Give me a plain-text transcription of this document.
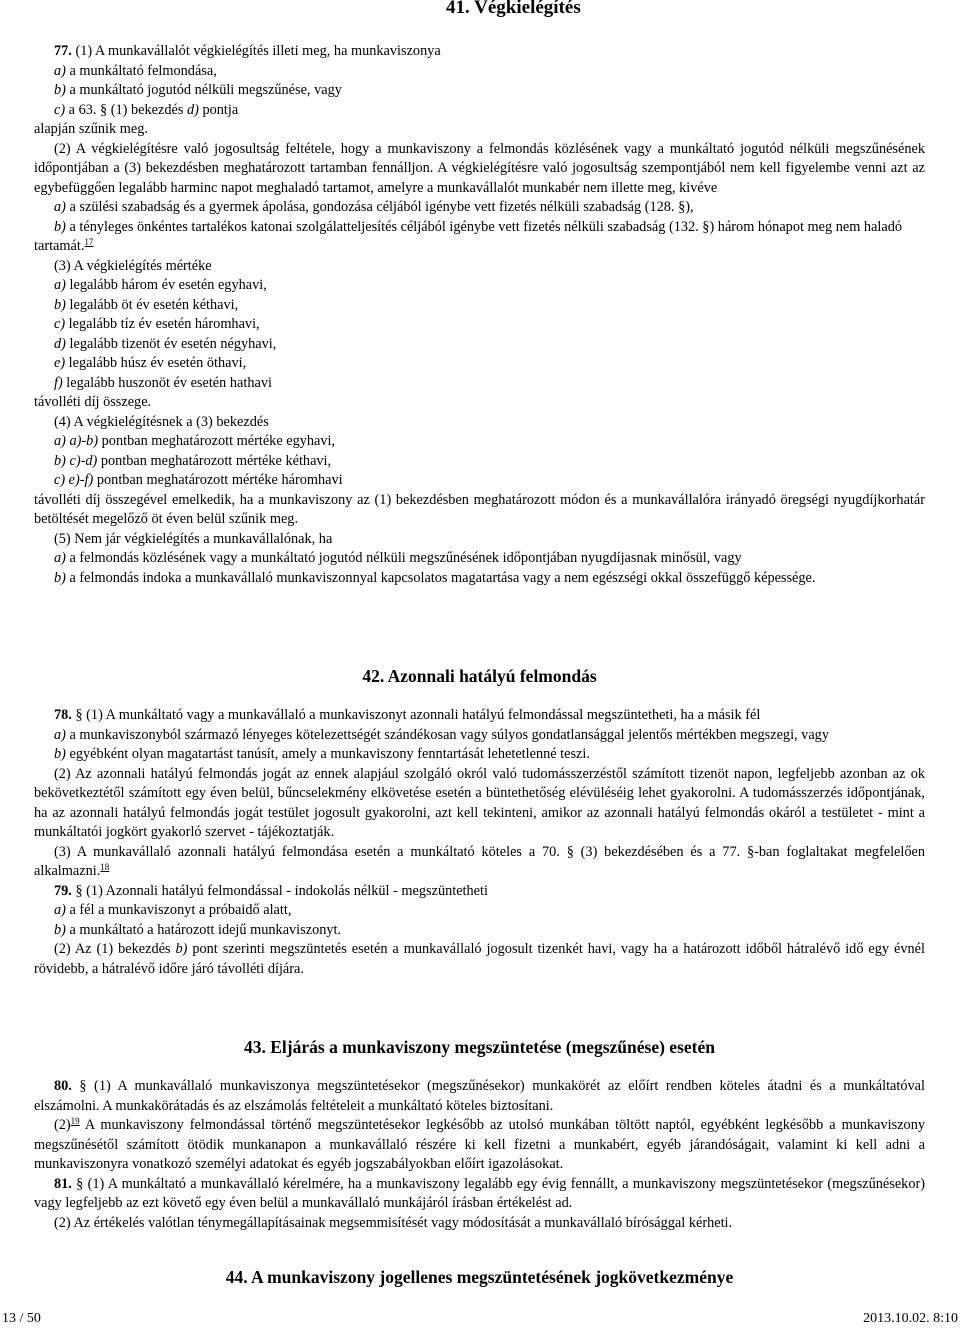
41. Végkielégítés

77. (1) A munkavállalót végkielégítés illeti meg, ha munkaviszonya

a) a munkáltató felmondása,

b) a munkáltató jogutód nélküli megszűnése, vagy

c) a 63. § (1) bekezdés d) pontja

alapján szűnik meg.

(2) A végkielégítésre való jogosultság feltétele, hogy a munkaviszony a felmondás közlésének vagy a munkáltató jogutód nélküli megszűnésének időpontjában a (3) bekezdésben meghatározott tartamban fennálljon. A végkielégítésre való jogosultság szempontjából nem kell figyelembe venni azt az egybefüggően legalább harminc napot meghaladó tartamot, amelyre a munkavállalót munkabér nem illette meg, kivéve

a) a szülési szabadság és a gyermek ápolása, gondozása céljából igénybe vett fizetés nélküli szabadság (128. §),

b) a tényleges önkéntes tartalékos katonai szolgálatteljesítés céljából igénybe vett fizetés nélküli szabadság (132. §) három hónapot meg nem haladó

tartamát.$^{17}$

(3) A végkielégítés mértéke

a) legalább három év esetén egyhavi,

b) legalább öt év esetén kéthavi,

c) legalább tíz év esetén háromhavi,

d) legalább tizenöt év esetén négyhavi,

e) legalább húsz év esetén öthavi,

f) legalább huszonöt év esetén hathavi

távolléti díj összege.

(4) A végkielégítésnek a (3) bekezdés

a) a)-b) pontban meghatározott mértéke egyhavi,

b) c)-d) pontban meghatározott mértéke kéthavi,

c) e)-f) pontban meghatározott mértéke háromhavi

távolléti díj összegével emelkedik, ha a munkaviszony az (1) bekezdésben meghatározott módon és a munkavállalóra irányadó öregségi nyugdíjkorhatár betöltését megelőző öt éven belül szűnik meg.

(5) Nem jár végkielégítés a munkavállalónak, ha

a) a felmondás közlésének vagy a munkáltató jogutód nélküli megszűnésének időpontjában nyugdíjasnak minősül, vagy

b) a felmondás indoka a munkavállaló munkaviszonnyal kapcsolatos magatartása vagy a nem egészségi okkal összefüggő képessége.

42. Azonnali hatályú felmondás

78. § (1) A munkáltató vagy a munkavállaló a munkaviszonyt azonnali hatályú felmondással megszüntetheti, ha a másik fél

a) a munkaviszonyból származó lényeges kötelezettségét szándékosan vagy súlyos gondatlansággal jelentős mértékben megszegi, vagy

b) egyébként olyan magatartást tanúsít, amely a munkaviszony fenntartását lehetetlenné teszi.

(2) Az azonnali hatályú felmondás jogát az ennek alapjául szolgáló okról való tudomásszerzéstől számított tizenöt napon, legfeljebb azonban az ok bekövetkeztétől számított egy éven belül, bűncselekmény elkövetése esetén a büntethetőség elévüléséig lehet gyakorolni. A tudomásszerzés időpontjának, ha az azonnali hatályú felmondás jogát testület jogosult gyakorolni, azt kell tekinteni, amikor az azonnali hatályú felmondás okáról a testületet - mint a munkáltatói jogkört gyakorló szervet - tájékoztatják.

(3) A munkavállaló azonnali hatályú felmondása esetén a munkáltató köteles a 70. § (3) bekezdésében és a 77. §-ban foglaltakat megfelelően alkalmazni.$^{18}$

79. § (1) Azonnali hatályú felmondással - indokolás nélkül - megszüntetheti

a) a fél a munkaviszonyt a próbaidő alatt,

b) a munkáltató a határozott idejű munkaviszonyt.

(2) Az (1) bekezdés b) pont szerinti megszüntetés esetén a munkavállaló jogosult tizenkét havi, vagy ha a határozott időből hátralévő idő egy évnél rövidebb, a hátralévő időre járó távolléti díjára.

43. Eljárás a munkaviszony megszüntetése (megszűnése) esetén

80. § (1) A munkavállaló munkaviszonya megszüntetésekor (megszűnésekor) munkakörét az előírt rendben köteles átadni és a munkáltatóval elszámolni. A munkakörátadás és az elszámolás feltételeit a munkáltató köteles biztosítani.

$(2)^{19}$ A munkaviszony felmondással történő megszüntetésekor legkésőbb az utolsó munkában töltött naptól, egyébként legkésőbb a munkaviszony megszűnésétől számított ötödik munkanapon a munkavállaló részére ki kell fizetni a munkabért, egyéb járandóságait, valamint ki kell adni a munkaviszonyra vonatkozó személyi adatokat és egyéb jogszabályokban előírt igazolásokat.

81. § (1) A munkáltató a munkavállaló kérelmére, ha a munkaviszony legalább egy évig fennállt, a munkaviszony megszüntetésekor (megszűnésekor) vagy legfeljebb az ezt követő egy éven belül a munkavállaló munkájáról írásban értékelést ad.

(2) Az értékelés valótlan ténymegállapításainak megsemmisítését vagy módosítását a munkavállaló bírósággal kérheti.

44. A munkaviszony jogellenes megszüntetésének jogkövetkezménye
13 / 50	2013.10.02. 8:10
